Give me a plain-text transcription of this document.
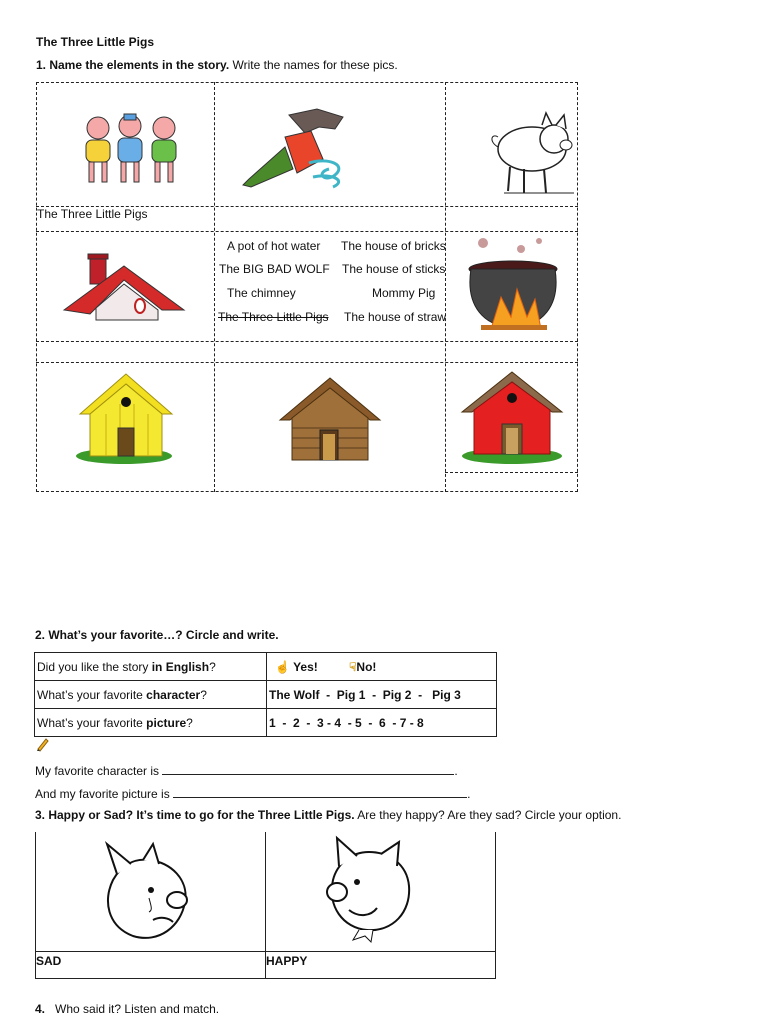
The Three Little Pigs
1. Name the elements in the story. Write the names for these pics.
The Three Little Pigs
A pot of hot water
The BIG BAD WOLF
The chimney
The Three Little Pigs
The house of bricks
The house of sticks
Mommy Pig
The house of straw
2. What’s your favorite…? Circle and write.
Did you like the story in English?	☝ Yes! ☟No!
What’s your favorite character?	The Wolf  -  Pig 1  -  Pig 2  -   Pig 3
What’s your favorite picture?	1  -  2  -  3 - 4  - 5  -  6  - 7 - 8
My favorite character is	.
And my favorite picture is	.
3. Happy or Sad? It’s time to go for the Three Little Pigs. Are they happy? Are they sad? Circle your option.
SAD	HAPPY
4. Who said it? Listen and match.
